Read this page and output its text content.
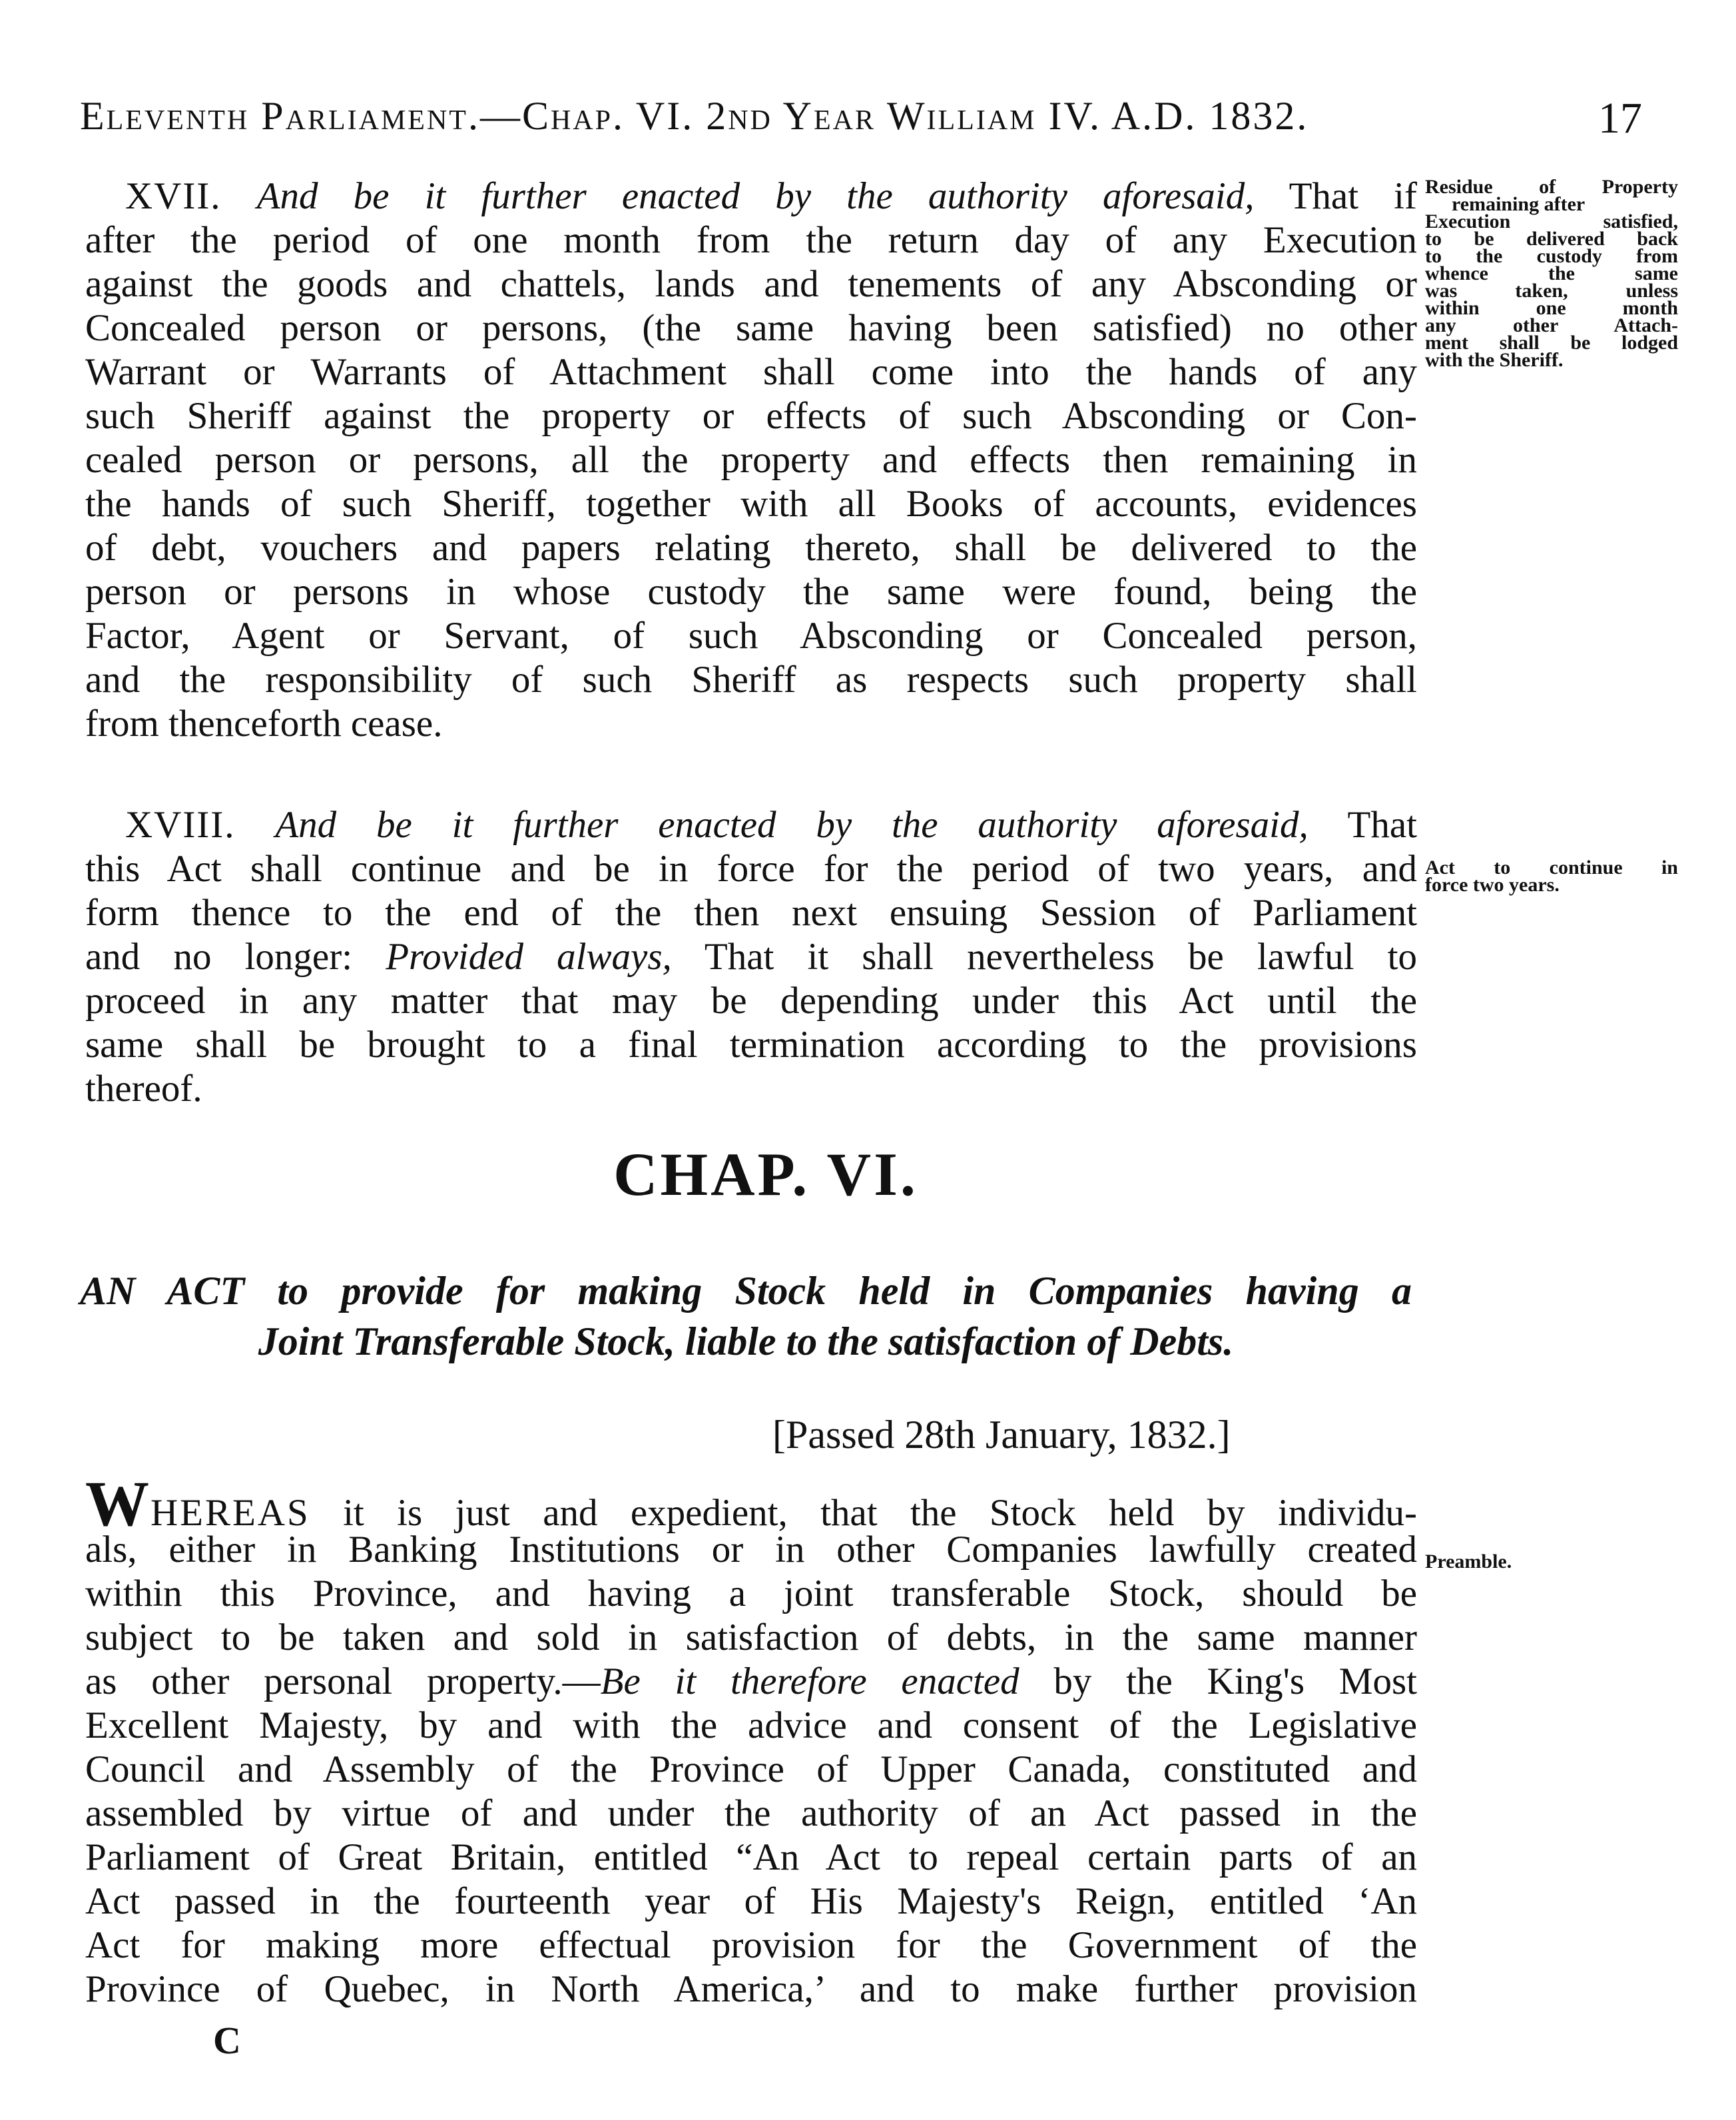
Eleventh Parliament.—Chap. VI. 2nd Year William IV. A.D. 1832.	17
XVII. And be it further enacted by the authority aforesaid, That if
after the period of one month from the return day of any Execution
against the goods and chattels, lands and tenements of any Absconding or
Concealed person or persons, (the same having been satisfied) no other
Warrant or Warrants of Attachment shall come into the hands of any
such Sheriff against the property or effects of such Absconding or Con-
cealed person or persons, all the property and effects then remaining in
the hands of such Sheriff, together with all Books of accounts, evidences
of debt, vouchers and papers relating thereto, shall be delivered to the
person or persons in whose custody the same were found, being the
Factor, Agent or Servant, of such Absconding or Concealed person,
and the responsibility of such Sheriff as respects such property shall
from thenceforth cease.
Residue of Property
remaining after
Execution satisfied,
to be delivered back
to the custody from
whence the same
was taken, unless
within one month
any other Attach-
ment shall be lodged
with the Sheriff.
XVIII. And be it further enacted by the authority aforesaid, That
this Act shall continue and be in force for the period of two years, and
form thence to the end of the then next ensuing Session of Parliament
and no longer: Provided always, That it shall nevertheless be lawful to
proceed in any matter that may be depending under this Act until the
same shall be brought to a final termination according to the provisions
thereof.
Act to continue in
force two years.
CHAP. VI.
AN ACT to provide for making Stock held in Companies having a
Joint Transferable Stock, liable to the satisfaction of Debts.
[Passed 28th January, 1832.]
WHEREAS it is just and expedient, that the Stock held by individu-
als, either in Banking Institutions or in other Companies lawfully created
within this Province, and having a joint transferable Stock, should be
subject to be taken and sold in satisfaction of debts, in the same manner
as other personal property.—Be it therefore enacted by the King's Most
Excellent Majesty, by and with the advice and consent of the Legislative
Council and Assembly of the Province of Upper Canada, constituted and
assembled by virtue of and under the authority of an Act passed in the
Parliament of Great Britain, entitled “An Act to repeal certain parts of an
Act passed in the fourteenth year of His Majesty's Reign, entitled ‘An
Act for making more effectual provision for the Government of the
Province of Quebec, in North America,’ and to make further provision
Preamble.
C
